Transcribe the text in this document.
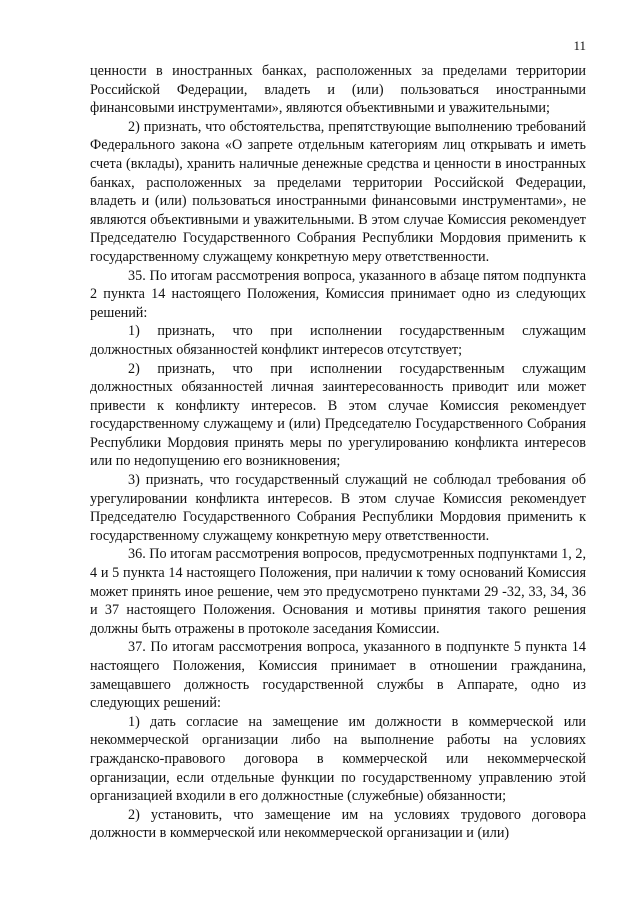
11

ценности в иностранных банках, расположенных за пределами территории Российской Федерации, владеть и (или) пользоваться иностранными финансовыми инструментами», являются объективными и уважительными;

2) признать, что обстоятельства, препятствующие выполнению требований Федерального закона «О запрете отдельным категориям лиц открывать и иметь счета (вклады), хранить наличные денежные средства и ценности в иностранных банках, расположенных за пределами территории Российской Федерации, владеть и (или) пользоваться иностранными финансовыми инструментами», не являются объективными и уважительными. В этом случае Комиссия рекомендует Председателю Государственного Собрания Республики Мордовия применить к государственному служащему конкретную меру ответственности.

35. По итогам рассмотрения вопроса, указанного в абзаце пятом подпункта 2 пункта 14 настоящего Положения, Комиссия принимает одно из следующих решений:

1) признать, что при исполнении государственным служащим должностных обязанностей конфликт интересов отсутствует;

2) признать, что при исполнении государственным служащим должностных обязанностей личная заинтересованность приводит или может привести к конфликту интересов. В этом случае Комиссия рекомендует государственному служащему и (или) Председателю Государственного Собрания Республики Мордовия принять меры по урегулированию конфликта интересов или по недопущению его возникновения;

3) признать, что государственный служащий не соблюдал требования об урегулировании конфликта интересов. В этом случае Комиссия рекомендует Председателю Государственного Собрания Республики Мордовия применить к государственному служащему конкретную меру ответственности.

36. По итогам рассмотрения вопросов, предусмотренных подпунктами 1, 2, 4 и 5 пункта 14 настоящего Положения, при наличии к тому оснований Комиссия может принять иное решение, чем это предусмотрено пунктами 29 -32, 33, 34, 36 и 37 настоящего Положения. Основания и мотивы принятия такого решения должны быть отражены в протоколе заседания Комиссии.

37. По итогам рассмотрения вопроса, указанного в подпункте 5 пункта 14 настоящего Положения, Комиссия принимает в отношении гражданина, замещавшего должность государственной службы в Аппарате, одно из следующих решений:

1) дать согласие на замещение им должности в коммерческой или некоммерческой организации либо на выполнение работы на условиях гражданско-правового договора в коммерческой или некоммерческой организации, если отдельные функции по государственному управлению этой организацией входили в его должностные (служебные) обязанности;

2) установить, что замещение им на условиях трудового договора должности в коммерческой или некоммерческой организации и (или)
